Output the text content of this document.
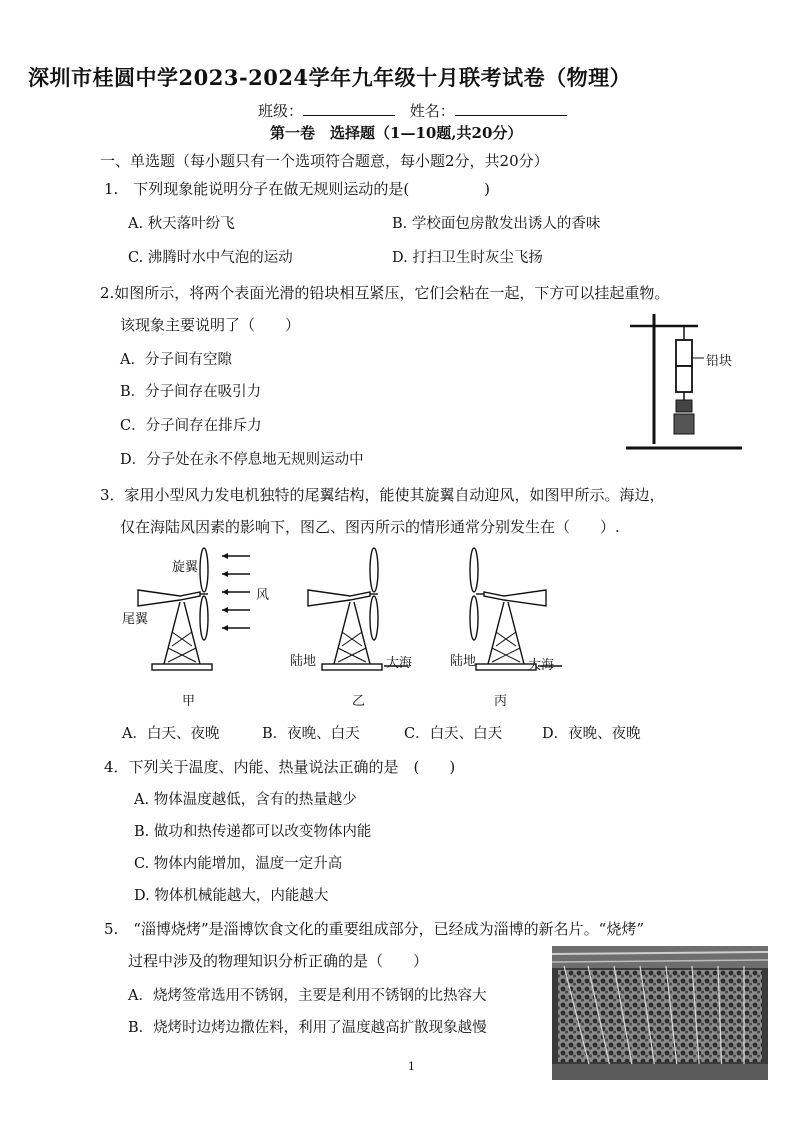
深圳市桂圆中学2023-2024学年九年级十月联考试卷（物理）
班级：	姓名：
第一卷　选择题（1—10题,共20分）
一、单选题（每小题只有一个选项符合题意，每小题2分，共20分）
1.　下列现象能说明分子在做无规则运动的是(　　　　　)
A. 秋天落叶纷飞	B. 学校面包房散发出诱人的香味
C. 沸腾时水中气泡的运动	D. 打扫卫生时灰尘飞扬
2.如图所示，将两个表面光滑的铅块相互紧压，它们会粘在一起，下方可以挂起重物。
该现象主要说明了（　　）
A．分子间有空隙
B．分子间存在吸引力
C．分子间存在排斥力
D．分子处在永不停息地无规则运动中
铅块
3．家用小型风力发电机独特的尾翼结构，能使其旋翼自动迎风，如图甲所示。海边，
仅在海陆风因素的影响下，图乙、图丙所示的情形通常分别发生在（　　）.
旋翼
风
尾翼
甲
陆地	大海
乙
陆地	大海
丙
A．白天、夜晚	B．夜晚、白天	C．白天、白天	D．夜晚、夜晚
4．下列关于温度、内能、热量说法正确的是　(　　)
A. 物体温度越低，含有的热量越少
B. 做功和热传递都可以改变物体内能
C. 物体内能增加，温度一定升高
D. 物体机械能越大，内能越大
5.　“淄博烧烤”是淄博饮食文化的重要组成部分，已经成为淄博的新名片。“烧烤”
过程中涉及的物理知识分析正确的是（　　）
A．烧烤签常选用不锈钢，主要是利用不锈钢的比热容大
B．烧烤时边烤边撒佐料，利用了温度越高扩散现象越慢
1
